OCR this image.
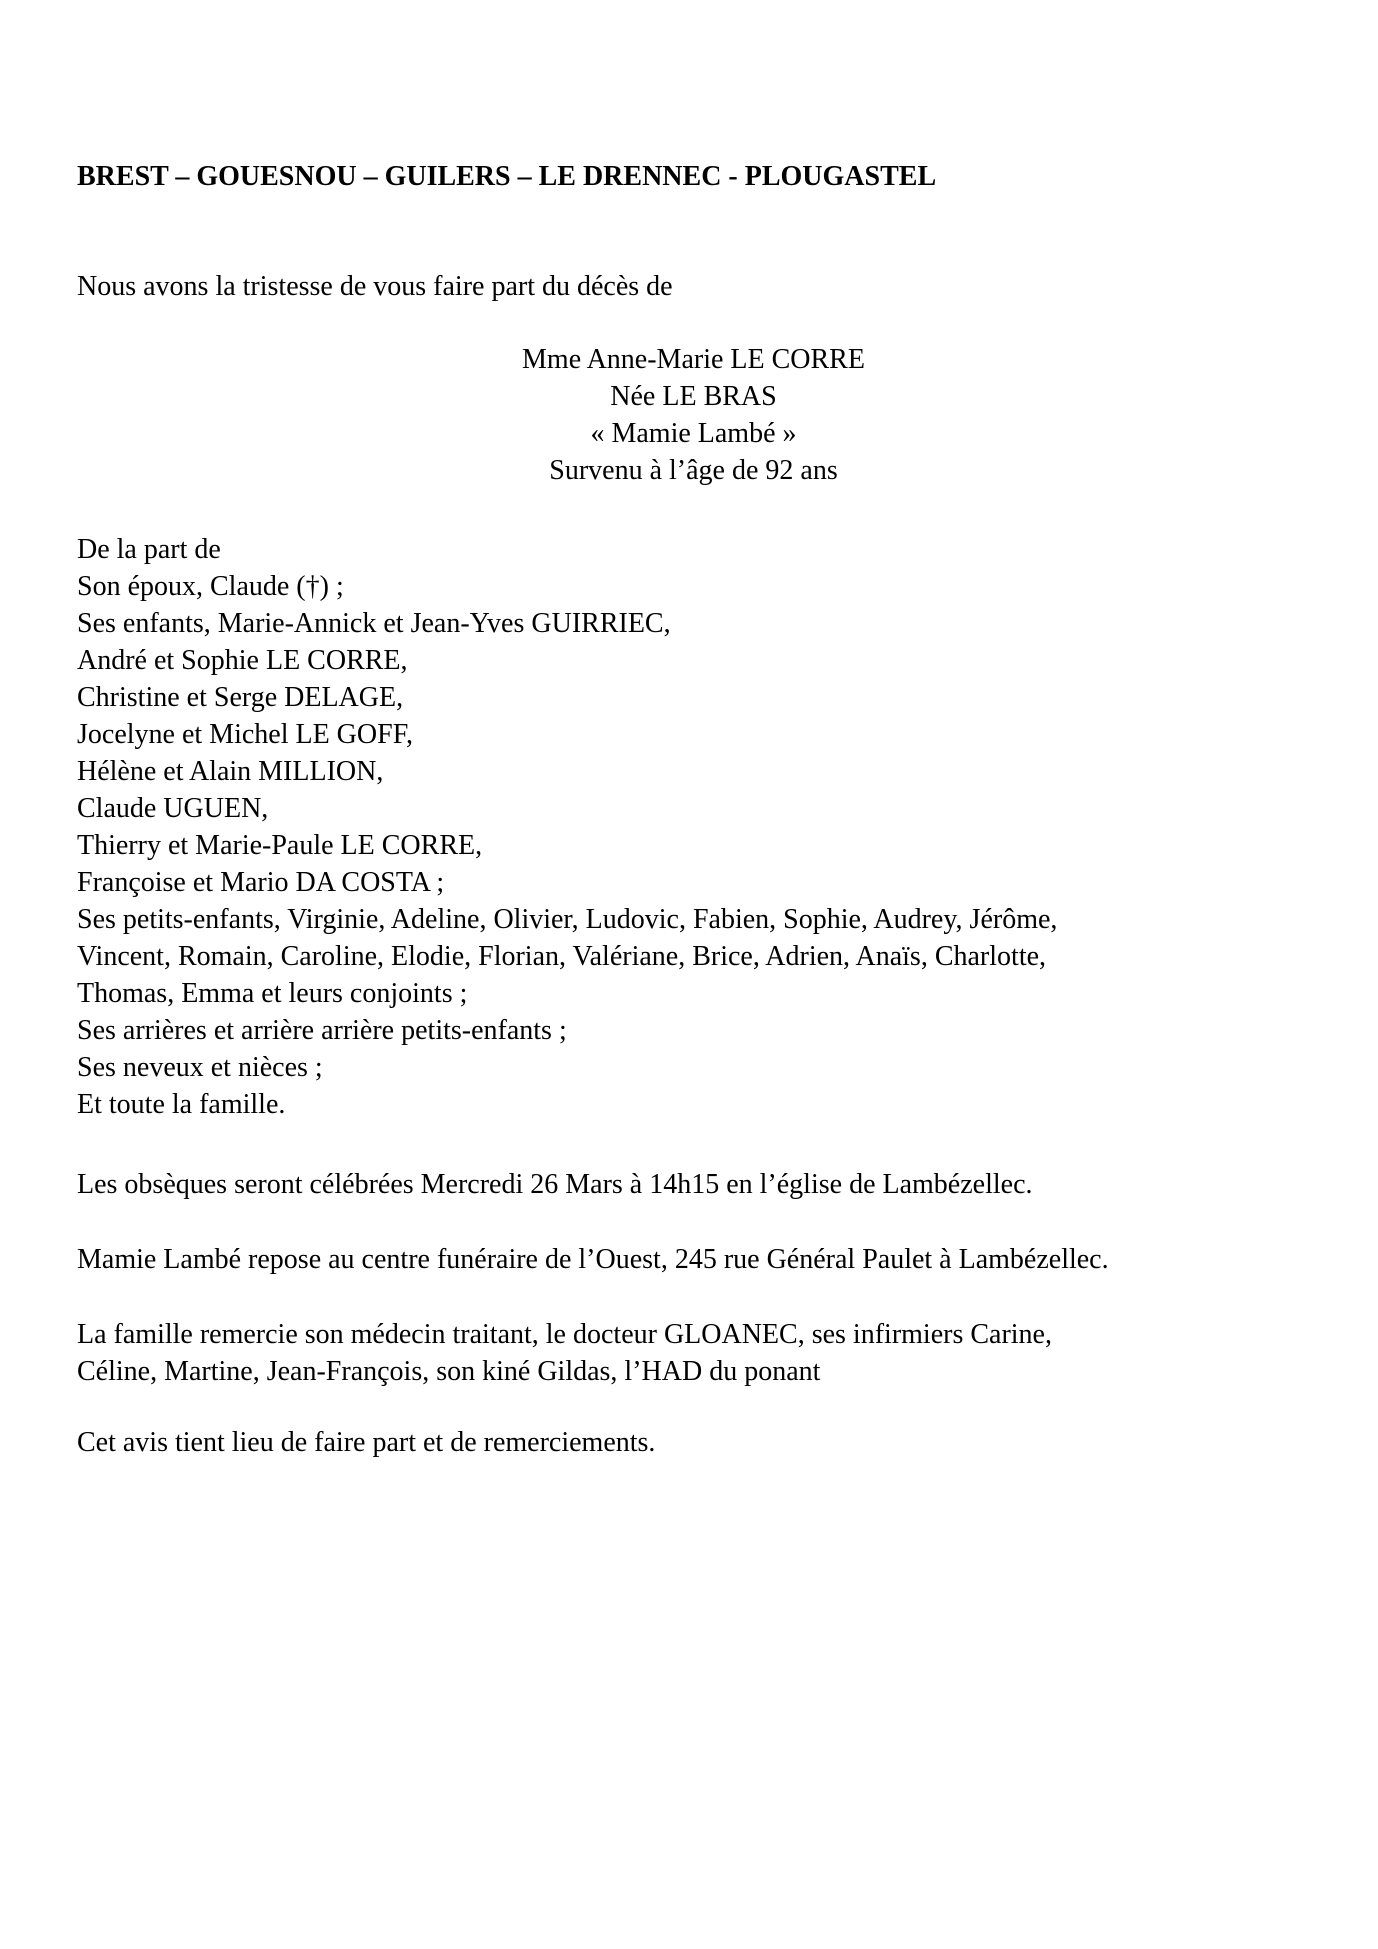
BREST – GOUESNOU – GUILERS – LE DRENNEC - PLOUGASTEL

Nous avons la tristesse de vous faire part du décès de

Mme Anne-Marie LE CORRE
Née LE BRAS
« Mamie Lambé »
Survenu à l’âge de 92 ans
De la part de
Son époux, Claude (†) ;
Ses enfants, Marie-Annick et Jean-Yves GUIRRIEC,
André et Sophie LE CORRE,
Christine et Serge DELAGE,
Jocelyne et Michel LE GOFF,
Hélène et Alain MILLION,
Claude UGUEN,
Thierry et Marie-Paule LE CORRE,
Françoise et Mario DA COSTA ;
Ses petits-enfants, Virginie, Adeline, Olivier, Ludovic, Fabien, Sophie, Audrey, Jérôme,
Vincent, Romain, Caroline, Elodie, Florian, Valériane, Brice, Adrien, Anaïs, Charlotte,
Thomas, Emma et leurs conjoints ;
Ses arrières et arrière arrière petits-enfants ;
Ses neveux et nièces ;
Et toute la famille.

Les obsèques seront célébrées Mercredi 26 Mars à 14h15 en l’église de Lambézellec.

Mamie Lambé repose au centre funéraire de l’Ouest, 245 rue Général Paulet à Lambézellec.

La famille remercie son médecin traitant, le docteur GLOANEC, ses infirmiers Carine,
Céline, Martine, Jean-François, son kiné Gildas, l’HAD du ponant

Cet avis tient lieu de faire part et de remerciements.
